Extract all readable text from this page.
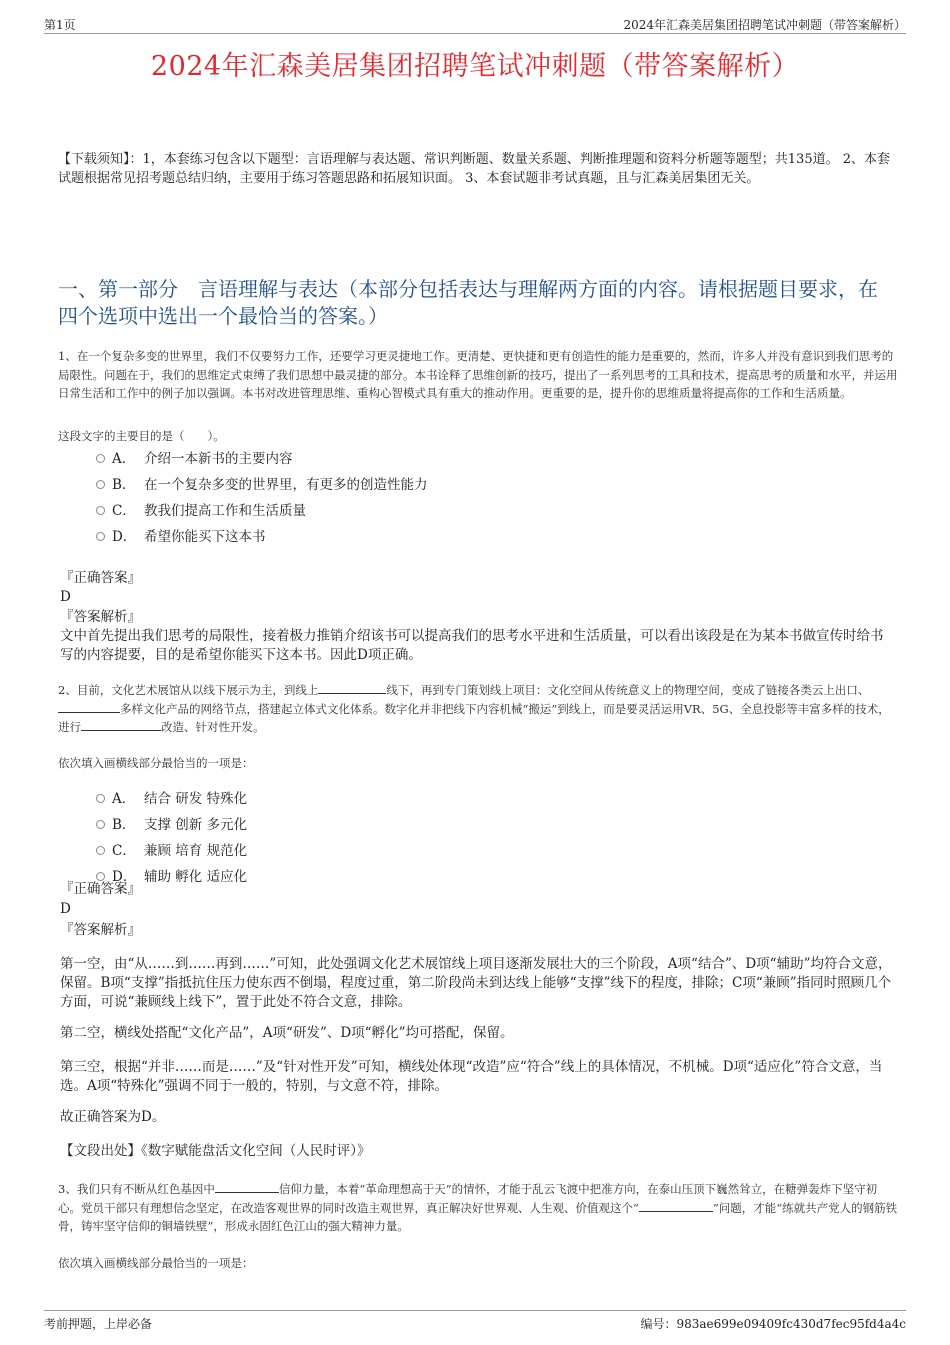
第1页	2024年汇森美居集团招聘笔试冲刺题（带答案解析）
2024年汇森美居集团招聘笔试冲刺题（带答案解析）
【下载须知】：1，本套练习包含以下题型：言语理解与表达题、常识判断题、数量关系题、判断推理题和资料分析题等题型；共135道。 2、本套试题根据常见招考题总结归纳，主要用于练习答题思路和拓展知识面。 3、本套试题非考试真题，且与汇森美居集团无关。
一、第一部分　言语理解与表达（本部分包括表达与理解两方面的内容。请根据题目要求，在四个选项中选出一个最恰当的答案。）
1、在一个复杂多变的世界里，我们不仅要努力工作，还要学习更灵捷地工作。更清楚、更快捷和更有创造性的能力是重要的，然而，许多人并没有意识到我们思考的局限性。问题在于，我们的思维定式束缚了我们思想中最灵捷的部分。本书诠释了思维创新的技巧，提出了一系列思考的工具和技术，提高思考的质量和水平，并运用日常生活和工作中的例子加以强调。本书对改进管理思维、重构心智模式具有重大的推动作用。更重要的是，提升你的思维质量将提高你的工作和生活质量。
这段文字的主要目的是（　　）。
A． 介绍一本新书的主要内容
B． 在一个复杂多变的世界里，有更多的创造性能力
C． 教我们提高工作和生活质量
D． 希望你能买下这本书
『正确答案』
D
『答案解析』
文中首先提出我们思考的局限性，接着极力推销介绍该书可以提高我们的思考水平进和生活质量，可以看出该段是在为某本书做宣传时给书写的内容提要，目的是希望你能买下这本书。因此D项正确。
2、目前，文化艺术展馆从以线下展示为主，到线上	线下，再到专门策划线上项目：文化空间从传统意义上的物理空间，变成了链接各类云上出口、多样文化产品的网络节点，搭建起立体式文化体系。数字化并非把线下内容机械“搬运”到线上，而是要灵活运用VR、5G、全息投影等丰富多样的技术，进行	改造、针对性开发。
依次填入画横线部分最恰当的一项是：
A． 结合 研发 特殊化
B． 支撑 创新 多元化
C． 兼顾 培育 规范化
D． 辅助 孵化 适应化
『正确答案』
D
『答案解析』
第一空，由“从……到……再到……”可知，此处强调文化艺术展馆线上项目逐渐发展壮大的三个阶段，A项“结合”、D项“辅助”均符合文意，保留。B项“支撑”指抵抗住压力使东西不倒塌，程度过重，第二阶段尚未到达线上能够“支撑”线下的程度，排除；C项“兼顾”指同时照顾几个方面，可说“兼顾线上线下”，置于此处不符合文意，排除。
第二空，横线处搭配“文化产品”，A项“研发”、D项“孵化”均可搭配，保留。
第三空，根据“并非……而是……”及“针对性开发”可知，横线处体现“改造”应“符合”线上的具体情况，不机械。D项“适应化”符合文意，当选。A项“特殊化”强调不同于一般的，特别，与文意不符，排除。
故正确答案为D。
【文段出处】《数字赋能盘活文化空间（人民时评）》
3、我们只有不断从红色基因中	信仰力量，本着“革命理想高于天”的情怀，才能于乱云飞渡中把准方向，在泰山压顶下巍然耸立，在糖弹轰炸下坚守初心。党员干部只有理想信念坚定，在改造客观世界的同时改造主观世界，真正解决好世界观、人生观、价值观这个“	”问题，才能“练就共产党人的钢筋铁骨，铸牢坚守信仰的铜墙铁壁”，形成永固红色江山的强大精神力量。
依次填入画横线部分最恰当的一项是：
考前押题，上岸必备	编号：983ae699e09409fc430d7fec95fd4a4c
